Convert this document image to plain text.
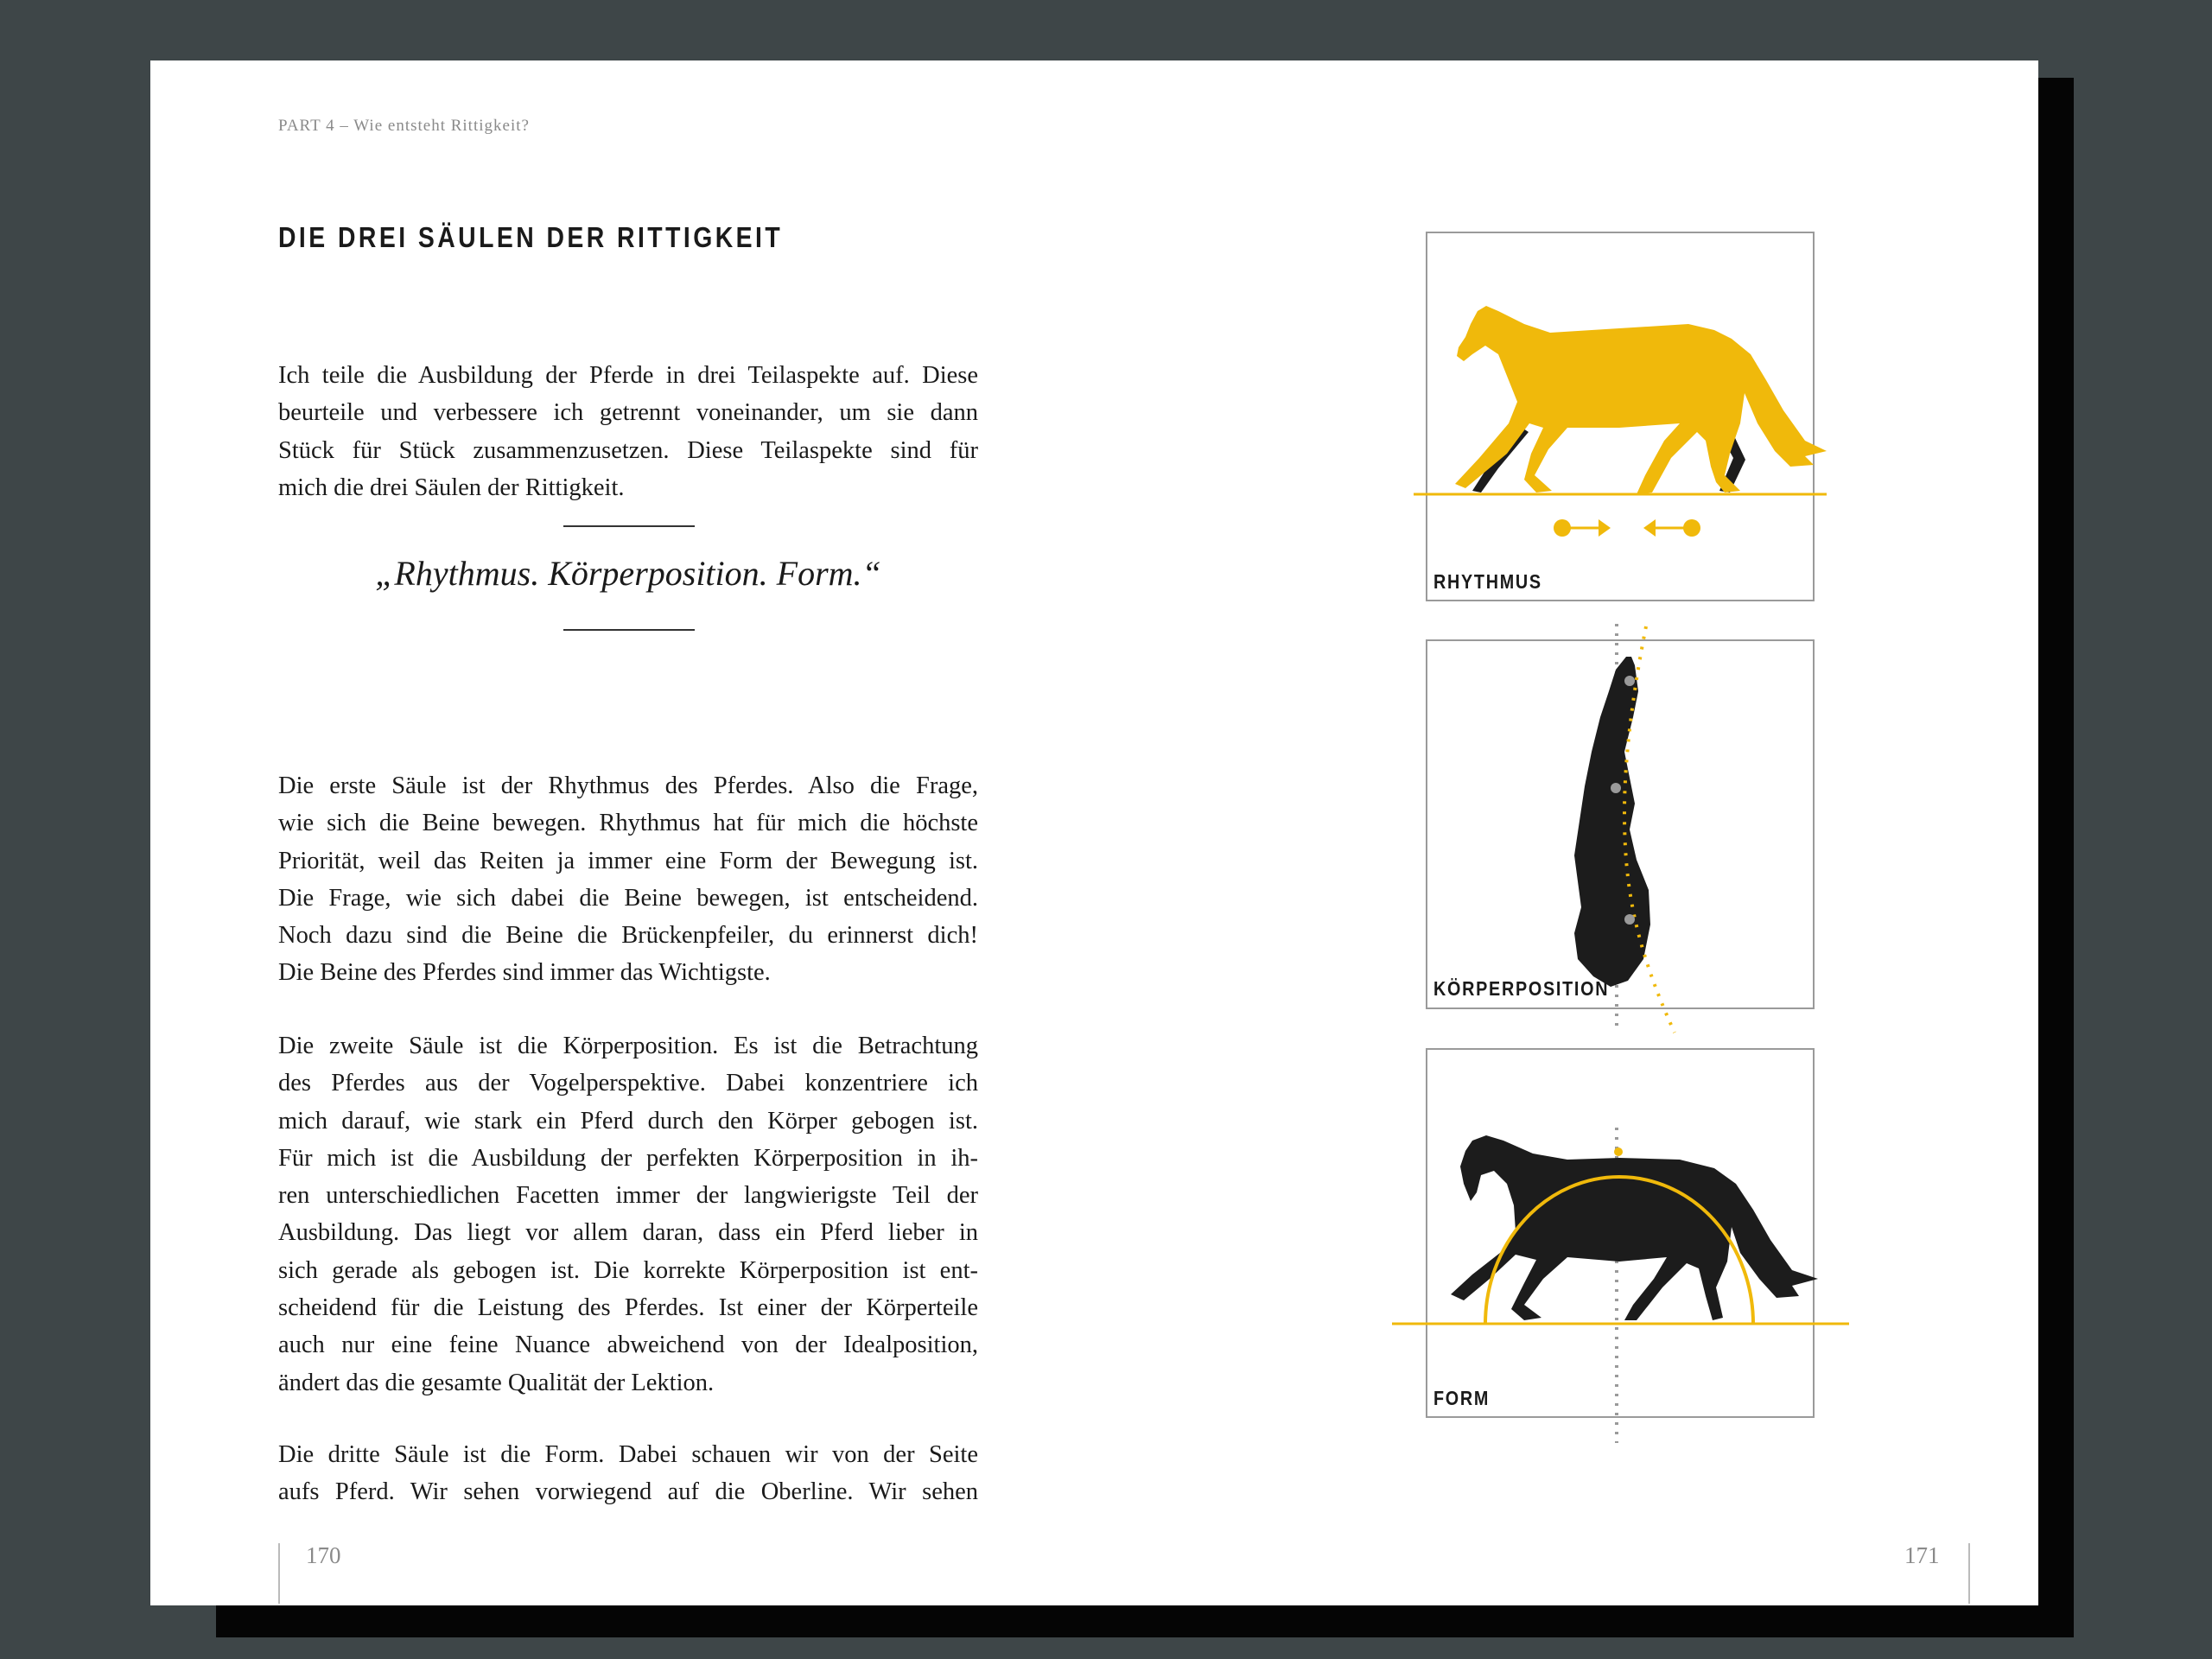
PART 4 – Wie entsteht Rittigkeit?
DIE DREI SÄULEN DER RITTIGKEIT

Ich teile die Ausbildung der Pferde in drei Teilaspekte auf. Diese
beurteile und verbessere ich getrennt voneinander, um sie dann
Stück für Stück zusammenzusetzen. Diese Teilaspekte sind für
mich die drei Säulen der Rittigkeit.

„Rhythmus. Körperposition. Form.“

Die erste Säule ist der Rhythmus des Pferdes. Also die Frage,
wie sich die Beine bewegen. Rhythmus hat für mich die höchste
Priorität, weil das Reiten ja immer eine Form der Bewegung ist.
Die Frage, wie sich dabei die Beine bewegen, ist entscheidend.
Noch dazu sind die Beine die Brückenpfeiler, du erinnerst dich!
Die Beine des Pferdes sind immer das Wichtigste.

Die zweite Säule ist die Körperposition. Es ist die Betrachtung
des Pferdes aus der Vogelperspektive. Dabei konzentriere ich
mich darauf, wie stark ein Pferd durch den Körper gebogen ist.
Für mich ist die Ausbildung der perfekten Körperposition in ih-
ren unterschiedlichen Facetten immer der langwierigste Teil der
Ausbildung. Das liegt vor allem daran, dass ein Pferd lieber in
sich gerade als gebogen ist. Die korrekte Körperposition ist ent-
scheidend für die Leistung des Pferdes. Ist einer der Körperteile
auch nur eine feine Nuance abweichend von der Idealposition,
ändert das die gesamte Qualität der Lektion.

Die dritte Säule ist die Form. Dabei schauen wir von der Seite
aufs Pferd. Wir sehen vorwiegend auf die Oberline. Wir sehen

170	171
RHYTHMUS
KÖRPERPOSITION
FORM
